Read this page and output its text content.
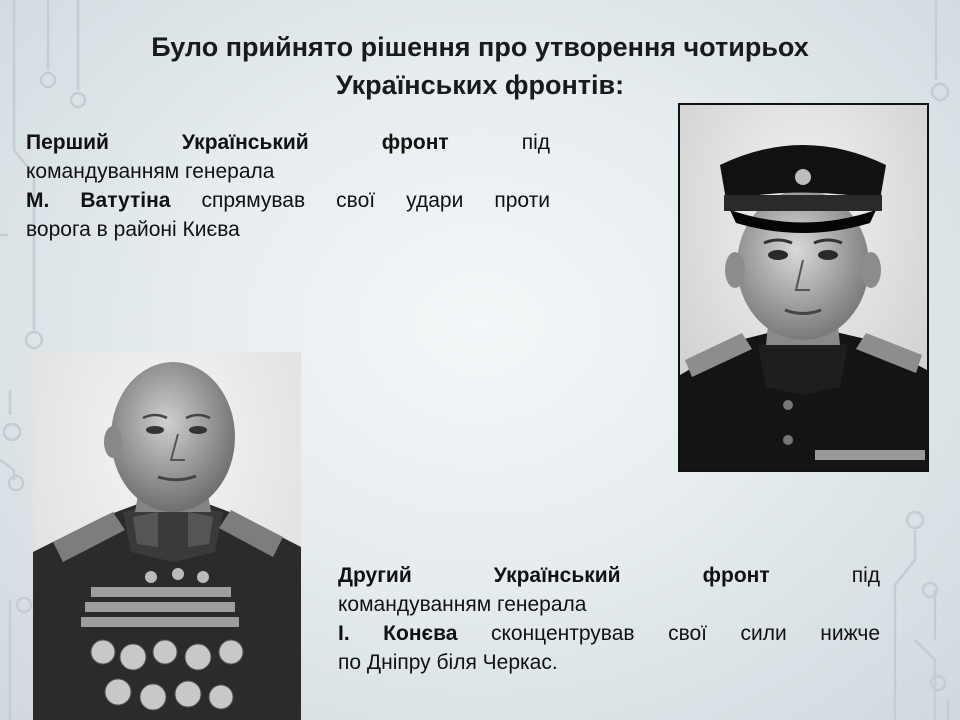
Було прийнято рішення про утворення чотирьох
Українських фронтів:
Перший Український фронт	під
командуванням генерала
М. Ватутіна спрямував свої удари проти
ворога в районі Києва
Другий Український фронт	під
командуванням генерала
І. Конєва сконцентрував свої сили нижче
по Дніпру біля Черкас.
